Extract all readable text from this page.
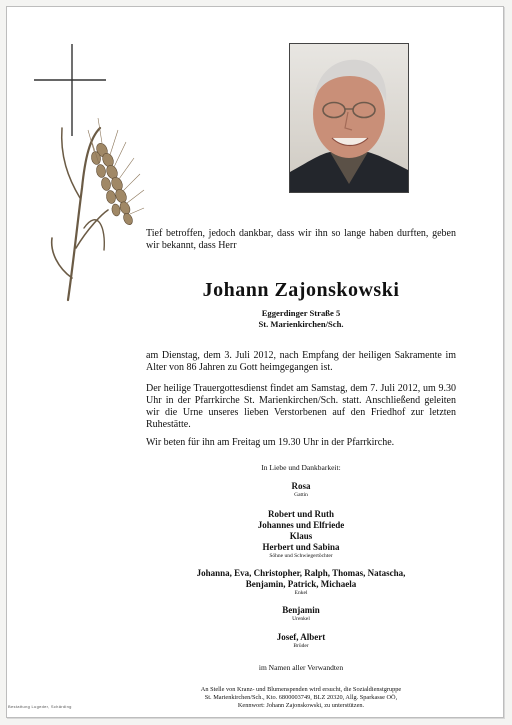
Tief betroffen, jedoch dankbar, dass wir ihn so lange haben durften, geben wir bekannt, dass Herr
Johann Zajonskowski
Eggerdinger Straße 5
St. Marienkirchen/Sch.
am Dienstag, dem 3. Juli 2012, nach Empfang der heiligen Sakramente im Alter von 86 Jahren zu Gott heimgegangen ist.
Der heilige Trauergottesdienst findet am Samstag, dem 7. Juli 2012, um 9.30 Uhr in der Pfarrkirche St. Marienkirchen/Sch. statt. Anschließend geleiten wir die Urne unseres lieben Verstorbenen auf den Friedhof zur letzten Ruhestätte.
Wir beten für ihn am Freitag um 19.30 Uhr in der Pfarrkirche.
In Liebe und Dankbarkeit:
Rosa
Gattin
Robert und Ruth
Johannes und Elfriede
Klaus
Herbert und Sabina
Söhne und Schwiegertöchter
Johanna, Eva, Christopher, Ralph, Thomas, Natascha,
Benjamin, Patrick, Michaela
Enkel
Benjamin
Urenkel
Josef, Albert
Brüder
im Namen aller Verwandten
An Stelle von Kranz- und Blumenspenden wird ersucht, die Sozialdienstgruppe
St. Marienkirchen/Sch., Kto. 6800003749, BLZ 20320, Allg. Sparkasse OÖ,
Kennwort: Johann Zajonskowski, zu unterstützen.
Bestattung Lugeder, Schärding
